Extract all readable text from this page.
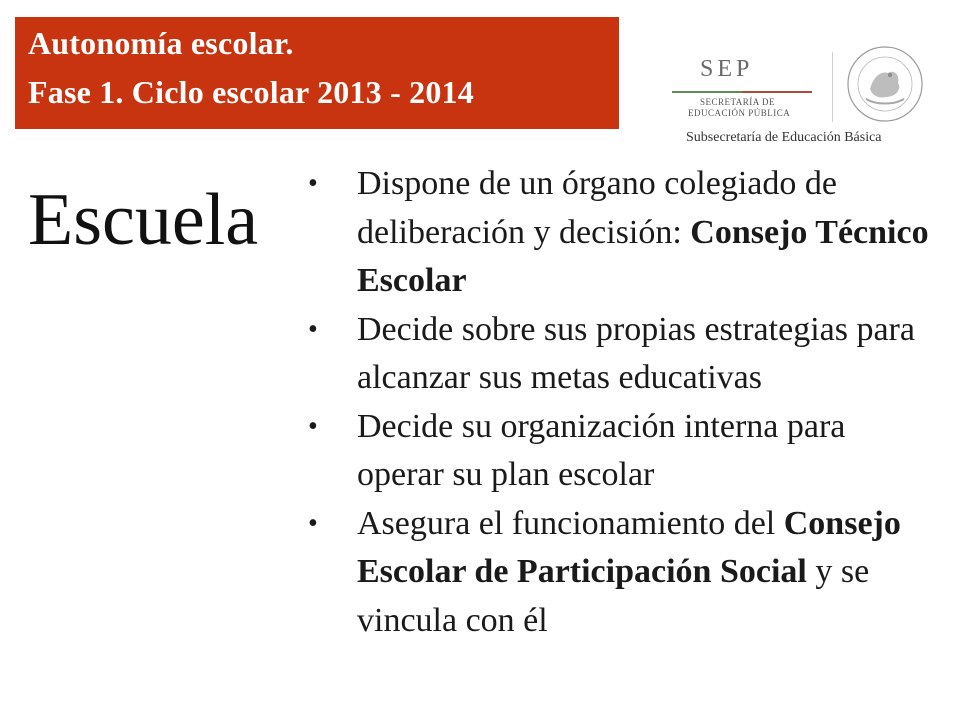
Autonomía escolar.
Fase 1. Ciclo escolar 2013 - 2014
SEP
SECRETARÍA DE
EDUCACIÓN PÚBLICA
Subsecretaría de Educación Básica
Escuela • Dispone de un órgano colegiado de deliberación y decisión: Consejo Técnico Escolar
• Decide sobre sus propias estrategias para alcanzar sus metas educativas
• Decide su organización interna para operar su plan escolar
• Asegura el funcionamiento del Consejo Escolar de Participación Social y se vincula con él
